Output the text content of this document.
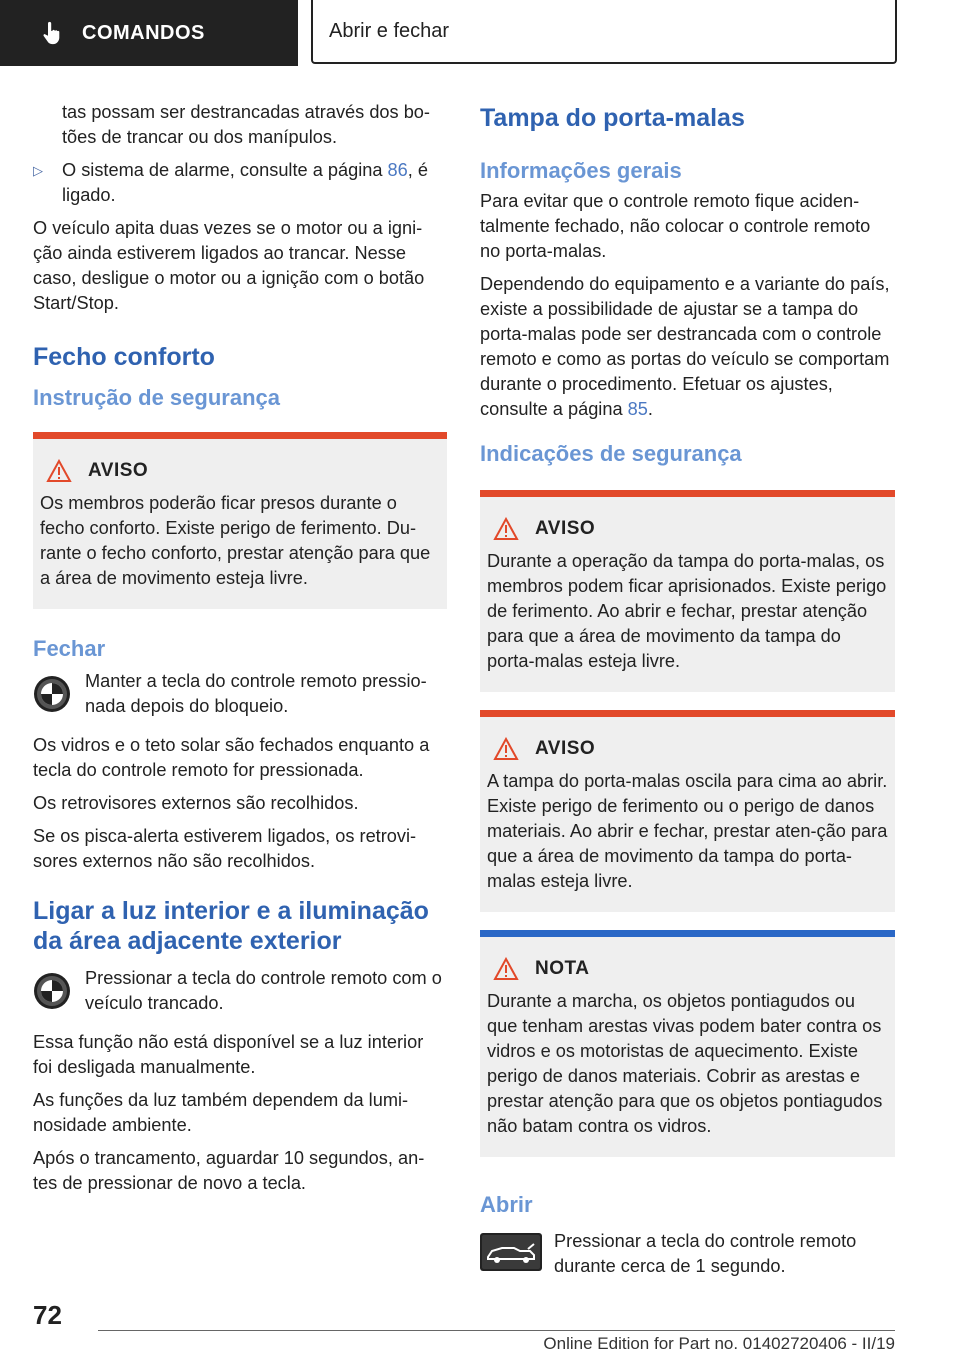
COMANDOS	Abrir e fechar

tas possam ser destrancadas através dos bo-tões de trancar ou dos manípulos.

▷	O sistema de alarme, consulte a página 86, é ligado.

O veículo apita duas vezes se o motor ou a igni-ção ainda estiverem ligados ao trancar. Nesse caso, desligue o motor ou a ignição com o botão Start/Stop.

Fecho conforto
Instrução de segurança
AVISO

Os membros poderão ficar presos durante o fecho conforto. Existe perigo de ferimento. Du-rante o fecho conforto, prestar atenção para que a área de movimento esteja livre.

Fechar

Manter a tecla do controle remoto pressio-nada depois do bloqueio.

Os vidros e o teto solar são fechados enquanto a tecla do controle remoto for pressionada.

Os retrovisores externos são recolhidos.

Se os pisca-alerta estiverem ligados, os retrovi-sores externos não são recolhidos.

Ligar a luz interior e a iluminação da área adjacente exterior

Pressionar a tecla do controle remoto com o veículo trancado.

Essa função não está disponível se a luz interior foi desligada manualmente.

As funções da luz também dependem da lumi-nosidade ambiente.

Após o trancamento, aguardar 10 segundos, an-tes de pressionar de novo a tecla.

Tampa do porta-malas
Informações gerais

Para evitar que o controle remoto fique aciden-talmente fechado, não colocar o controle remoto no porta-malas.

Dependendo do equipamento e a variante do país, existe a possibilidade de ajustar se a tampa do porta-malas pode ser destrancada com o controle remoto e como as portas do veículo se comportam durante o procedimento. Efetuar os ajustes, consulte a página 85.

Indicações de segurança
AVISO

Durante a operação da tampa do porta-malas, os membros podem ficar aprisionados. Existe perigo de ferimento. Ao abrir e fechar, prestar atenção para que a área de movimento da tampa do porta-malas esteja livre.

AVISO

A tampa do porta-malas oscila para cima ao abrir. Existe perigo de ferimento ou o perigo de danos materiais. Ao abrir e fechar, prestar aten-ção para que a área de movimento da tampa do porta-malas esteja livre.

NOTA

Durante a marcha, os objetos pontiagudos ou que tenham arestas vivas podem bater contra os vidros e os motoristas de aquecimento. Existe perigo de danos materiais. Cobrir as arestas e prestar atenção para que os objetos pontiagudos não batam contra os vidros.

Abrir

Pressionar a tecla do controle remoto durante cerca de 1 segundo.

72
Online Edition for Part no. 01402720406 - II/19
